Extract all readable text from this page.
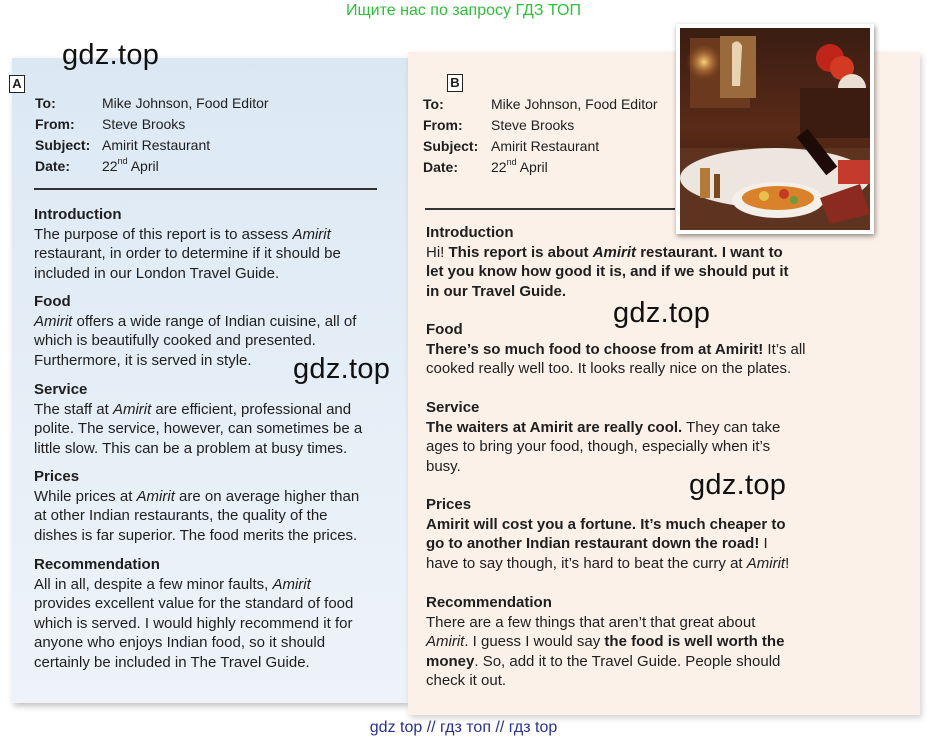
Ищите нас по запросу ГДЗ ТОП
A
To:	Mike Johnson, Food Editor
From: Steve Brooks
Subject: Amirit Restaurant
Date: 22nd April
Introduction

The purpose of this report is to assess Amirit

restaurant, in order to determine if it should be

included in our London Travel Guide.

Food

Amirit offers a wide range of Indian cuisine, all of

which is beautifully cooked and presented.

Furthermore, it is served in style.

Service

The staff at Amirit are efficient, professional and

polite. The service, however, can sometimes be a

little slow. This can be a problem at busy times.

Prices

While prices at Amirit are on average higher than

at other Indian restaurants, the quality of the

dishes is far superior. The food merits the prices.

Recommendation

All in all, despite a few minor faults, Amirit

provides excellent value for the standard of food

which is served. I would highly recommend it for

anyone who enjoys Indian food, so it should

certainly be included in The Travel Guide.

B
To:	Mike Johnson, Food Editor
From: Steve Brooks
Subject: Amirit Restaurant
Date: 22nd April
Introduction

Hi! This report is about Amirit restaurant. I want to

let you know how good it is, and if we should put it

in our Travel Guide.

Food

There’s so much food to choose from at Amirit! It’s all

cooked really well too. It looks really nice on the plates.

Service

The waiters at Amirit are really cool. They can take

ages to bring your food, though, especially when it’s

busy.

Prices

Amirit will cost you a fortune. It’s much cheaper to

go to another Indian restaurant down the road! I

have to say though, it’s hard to beat the curry at Amirit!

Recommendation

There are a few things that aren’t that great about

Amirit. I guess I would say the food is well worth the

money. So, add it to the Travel Guide. People should

check it out.

gdz.top
gdz.top
gdz.top
gdz.top
gdz top // гдз топ // гдз top
